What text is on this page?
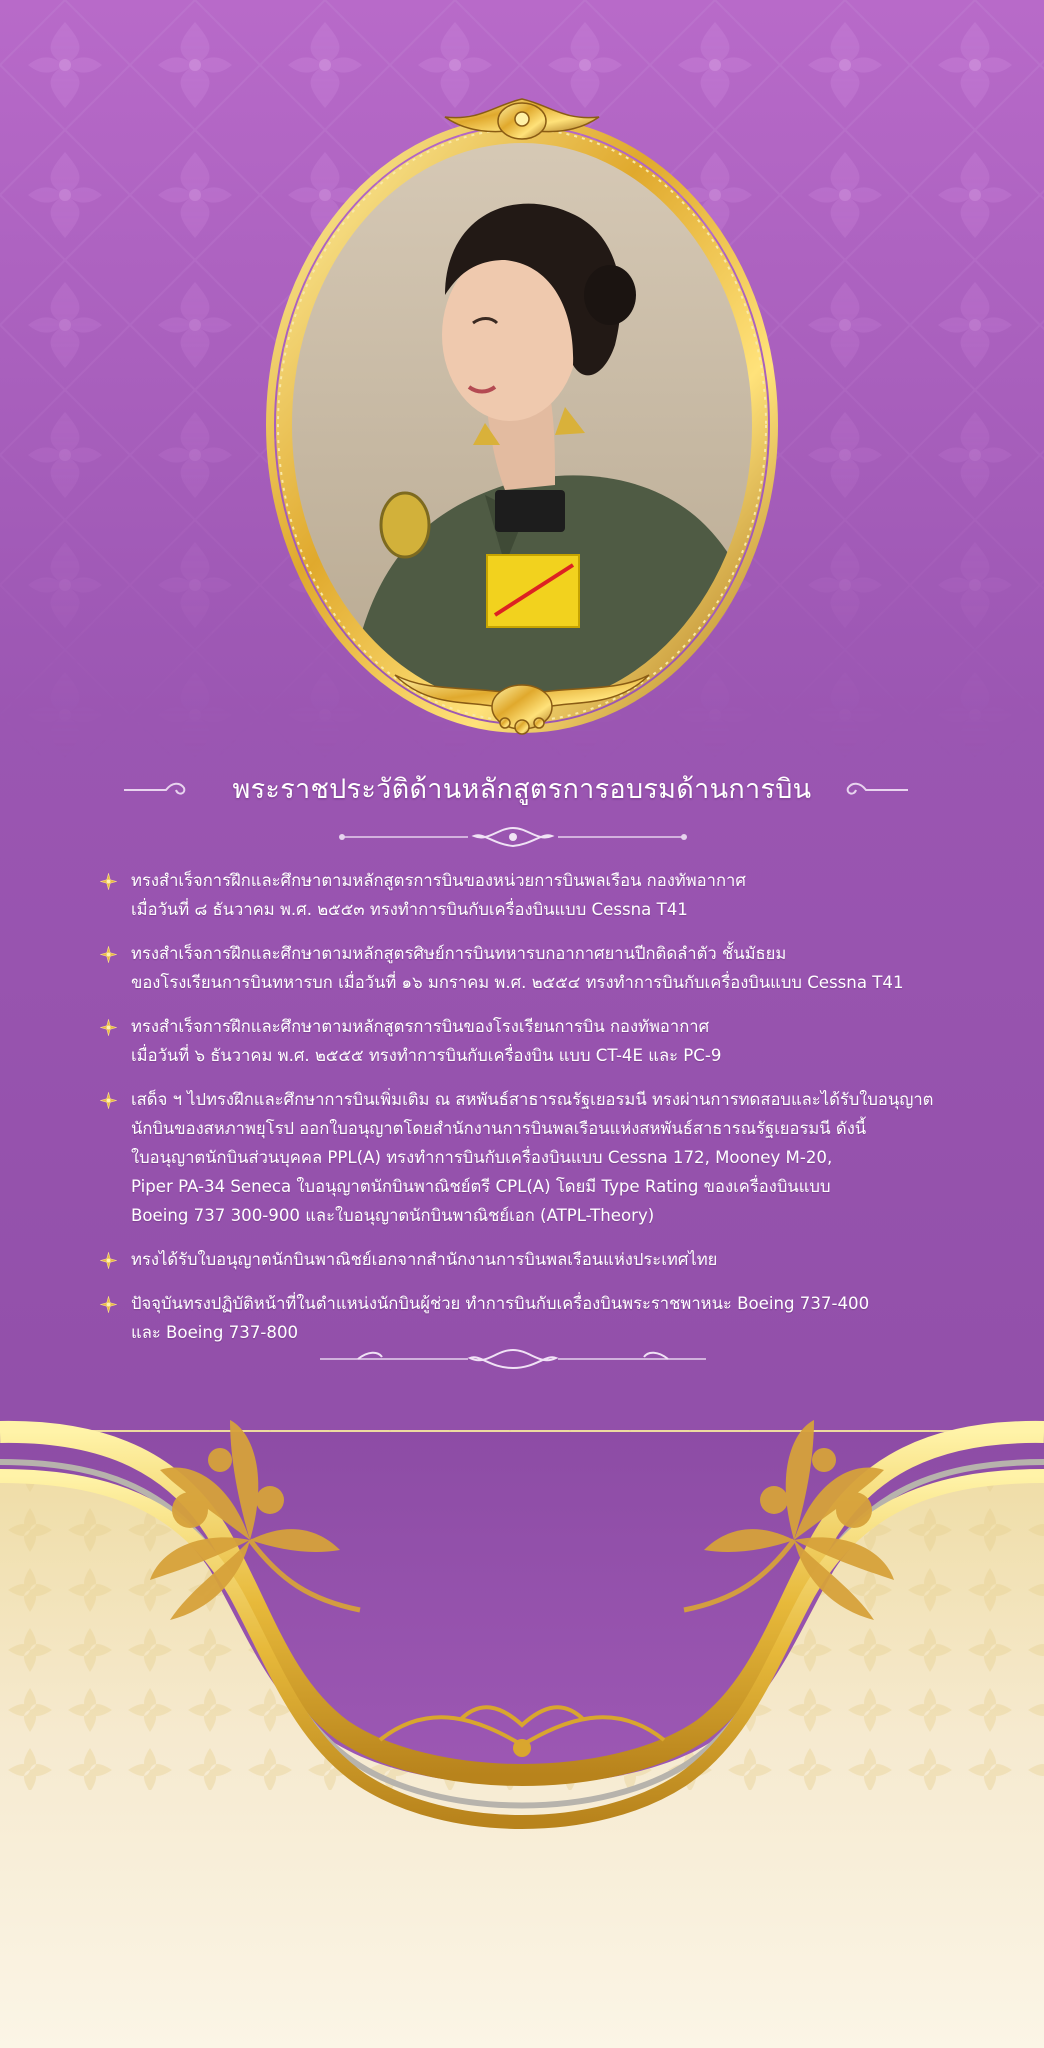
พระราชประวัติด้านหลักสูตรการอบรมด้านการบิน
ทรงสำเร็จการฝึกและศึกษาตามหลักสูตรการบินของหน่วยการบินพลเรือน กองทัพอากาศ
เมื่อวันที่ ๘ ธันวาคม พ.ศ. ๒๕๕๓ ทรงทำการบินกับเครื่องบินแบบ Cessna T41
ทรงสำเร็จการฝึกและศึกษาตามหลักสูตรศิษย์การบินทหารบกอากาศยานปีกติดลำตัว ชั้นมัธยม
ของโรงเรียนการบินทหารบก เมื่อวันที่ ๑๖ มกราคม พ.ศ. ๒๕๕๔ ทรงทำการบินกับเครื่องบินแบบ Cessna T41
ทรงสำเร็จการฝึกและศึกษาตามหลักสูตรการบินของโรงเรียนการบิน กองทัพอากาศ
เมื่อวันที่ ๖ ธันวาคม พ.ศ. ๒๕๕๕ ทรงทำการบินกับเครื่องบิน แบบ CT-4E และ PC-9
เสด็จ ฯ ไปทรงฝึกและศึกษาการบินเพิ่มเติม ณ สหพันธ์สาธารณรัฐเยอรมนี ทรงผ่านการทดสอบและได้รับใบอนุญาต
นักบินของสหภาพยุโรป ออกใบอนุญาตโดยสำนักงานการบินพลเรือนแห่งสหพันธ์สาธารณรัฐเยอรมนี ดังนี้
ใบอนุญาตนักบินส่วนบุคคล PPL(A) ทรงทำการบินกับเครื่องบินแบบ Cessna 172, Mooney M-20,
Piper PA-34 Seneca ใบอนุญาตนักบินพาณิชย์ตรี CPL(A) โดยมี Type Rating ของเครื่องบินแบบ
Boeing 737 300-900 และใบอนุญาตนักบินพาณิชย์เอก (ATPL-Theory)
ทรงได้รับใบอนุญาตนักบินพาณิชย์เอกจากสำนักงานการบินพลเรือนแห่งประเทศไทย
ปัจจุบันทรงปฏิบัติหน้าที่ในตำแหน่งนักบินผู้ช่วย ทำการบินกับเครื่องบินพระราชพาหนะ Boeing 737-400
และ Boeing 737-800
